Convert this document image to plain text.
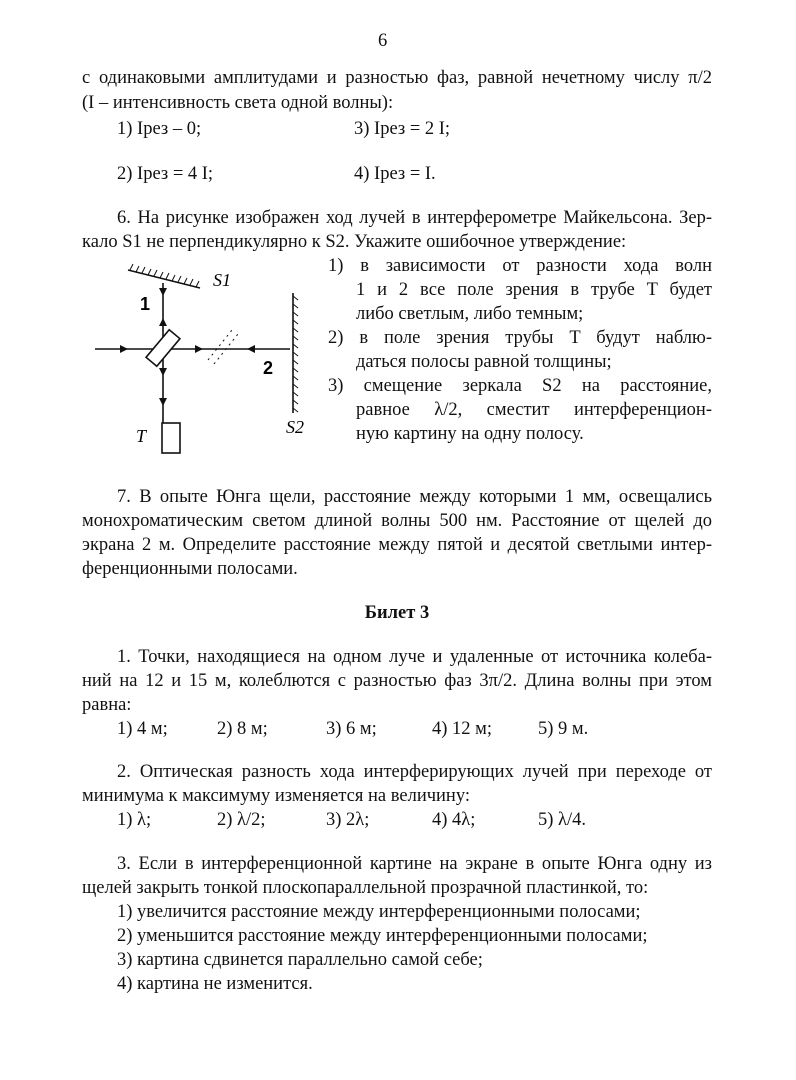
6
с одинаковыми амплитудами и разностью фаз, равной нечетному числу π/2
(I – интенсивность света одной волны):
1) Iрез – 0;	3) Iрез = 2 I;
2) Iрез = 4 I;	4) Iрез = I.
6. На рисунке изображен ход лучей в интерферометре Майкельсона. Зер-
кало S1 не перпендикулярно к S2. Укажите ошибочное утверждение:
S1
S2
1
2
T
1) в зависимости от разности хода волн
1 и 2 все поле зрения в трубе T будет
либо светлым, либо темным;
2) в поле зрения трубы T будут наблю-
даться полосы равной толщины;
3) смещение зеркала S2 на расстояние,
равное λ/2, сместит интерференцион-
ную картину на одну полосу.
7. В опыте Юнга щели, расстояние между которыми 1 мм, освещались
монохроматическим светом длиной волны 500 нм. Расстояние от щелей до
экрана 2 м. Определите расстояние между пятой и десятой светлыми интер-
ференционными полосами.
Билет 3
1. Точки, находящиеся на одном луче и удаленные от источника колеба-
ний на 12 и 15 м, колеблются с разностью фаз 3π/2. Длина волны при этом
равна:
1) 4 м;	2) 8 м;	3) 6 м;	4) 12 м; 5) 9 м.
2. Оптическая разность хода интерферирующих лучей при переходе от
минимума к максимуму изменяется на величину:
1) λ;	2) λ/2;	3) 2λ;	4) 4λ;	5) λ/4.
3. Если в интерференционной картине на экране в опыте Юнга одну из
щелей закрыть тонкой плоскопараллельной прозрачной пластинкой, то:
1) увеличится расстояние между интерференционными полосами;
2) уменьшится расстояние между интерференционными полосами;
3) картина сдвинется параллельно самой себе;
4) картина не изменится.
